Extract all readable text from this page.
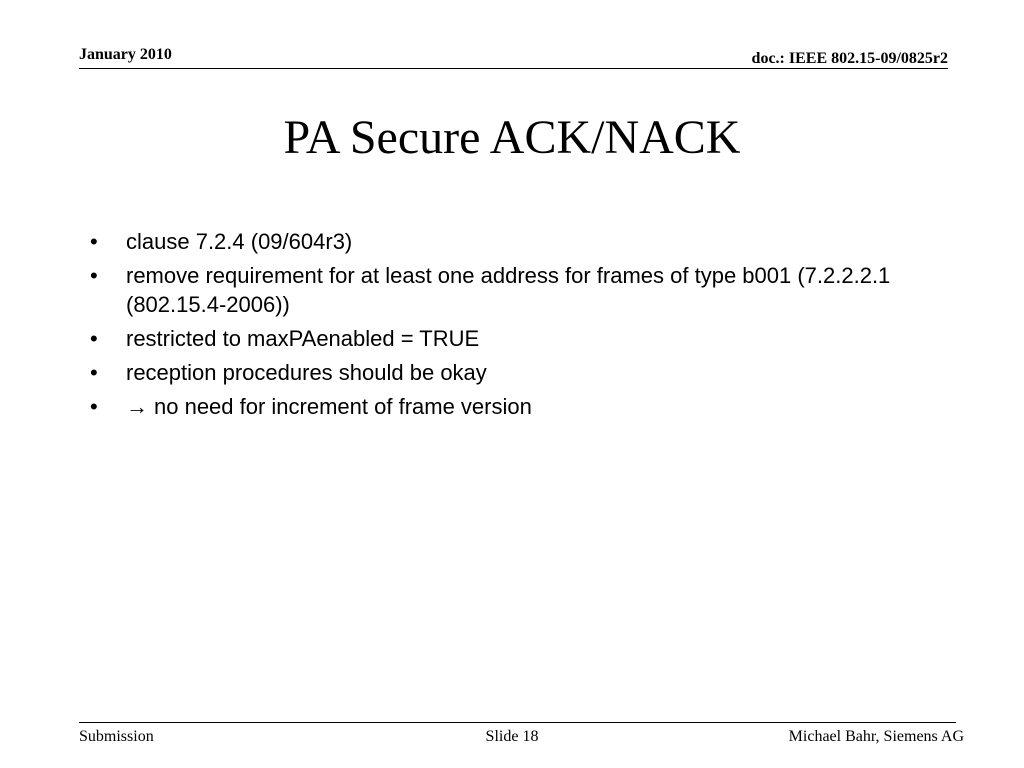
January 2010	doc.: IEEE 802.15-09/0825r2
PA Secure ACK/NACK
• clause 7.2.4 (09/604r3)
• remove requirement for at least one address for frames of type b001 (7.2.2.2.1 (802.15.4-2006))
• restricted to maxPAenabled = TRUE
• reception procedures should be okay
• → no need for increment of frame version
Submission	Slide 18	Michael Bahr, Siemens AG
